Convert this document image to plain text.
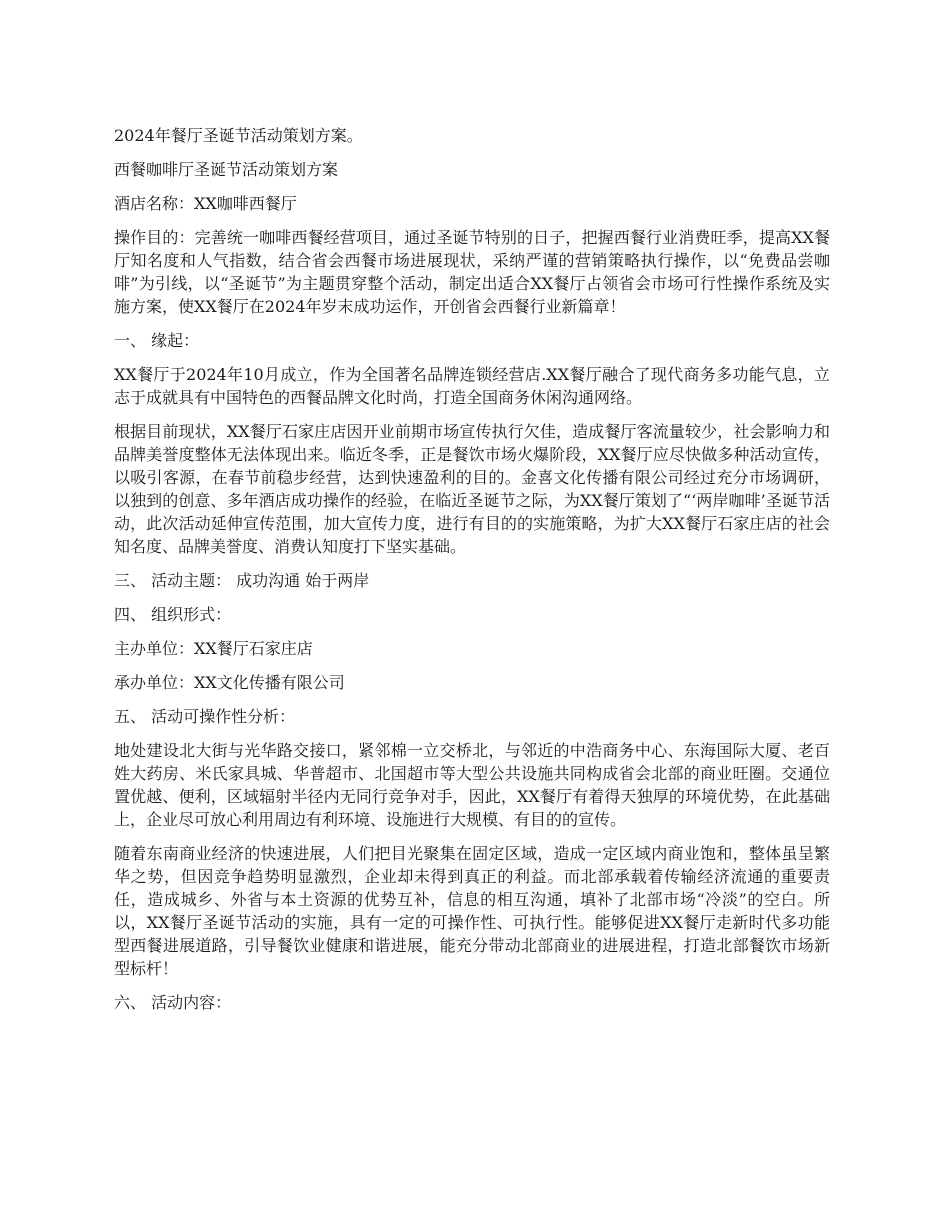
2024年餐厅圣诞节活动策划方案。

西餐咖啡厅圣诞节活动策划方案

酒店名称：XX咖啡西餐厅

操作目的：完善统一咖啡西餐经营项目，通过圣诞节特别的日子，把握西餐行业消费旺季，提高XX餐厅知名度和人气指数，结合省会西餐市场进展现状，采纳严谨的营销策略执行操作，以“免费品尝咖啡”为引线，以“圣诞节”为主题贯穿整个活动，制定出适合XX餐厅占领省会市场可行性操作系统及实施方案，使XX餐厅在2024年岁末成功运作，开创省会西餐行业新篇章！

一、 缘起：

XX餐厅于2024年10月成立，作为全国著名品牌连锁经营店.XX餐厅融合了现代商务多功能气息，立志于成就具有中国特色的西餐品牌文化时尚，打造全国商务休闲沟通网络。

根据目前现状，XX餐厅石家庄店因开业前期市场宣传执行欠佳，造成餐厅客流量较少，社会影响力和品牌美誉度整体无法体现出来。临近冬季，正是餐饮市场火爆阶段，XX餐厅应尽快做多种活动宣传，以吸引客源，在春节前稳步经营，达到快速盈利的目的。金喜文化传播有限公司经过充分市场调研，以独到的创意、多年酒店成功操作的经验，在临近圣诞节之际，为XX餐厅策划了“‘两岸咖啡’圣诞节活动，此次活动延伸宣传范围，加大宣传力度，进行有目的的实施策略，为扩大XX餐厅石家庄店的社会知名度、品牌美誉度、消费认知度打下坚实基础。

三、 活动主题： 成功沟通 始于两岸

四、 组织形式：

主办单位：XX餐厅石家庄店

承办单位：XX文化传播有限公司

五、 活动可操作性分析：

地处建设北大街与光华路交接口，紧邻棉一立交桥北，与邻近的中浩商务中心、东海国际大厦、老百姓大药房、米氏家具城、华普超市、北国超市等大型公共设施共同构成省会北部的商业旺圈。交通位置优越、便利，区域辐射半径内无同行竞争对手，因此，XX餐厅有着得天独厚的环境优势，在此基础上，企业尽可放心利用周边有利环境、设施进行大规模、有目的的宣传。

随着东南商业经济的快速进展，人们把目光聚集在固定区域，造成一定区域内商业饱和，整体虽呈繁华之势，但因竞争趋势明显激烈，企业却未得到真正的利益。而北部承载着传输经济流通的重要责任，造成城乡、外省与本土资源的优势互补，信息的相互沟通，填补了北部市场“冷淡”的空白。所以，XX餐厅圣诞节活动的实施，具有一定的可操作性、可执行性。能够促进XX餐厅走新时代多功能型西餐进展道路，引导餐饮业健康和谐进展，能充分带动北部商业的进展进程，打造北部餐饮市场新型标杆！

六、 活动内容：
